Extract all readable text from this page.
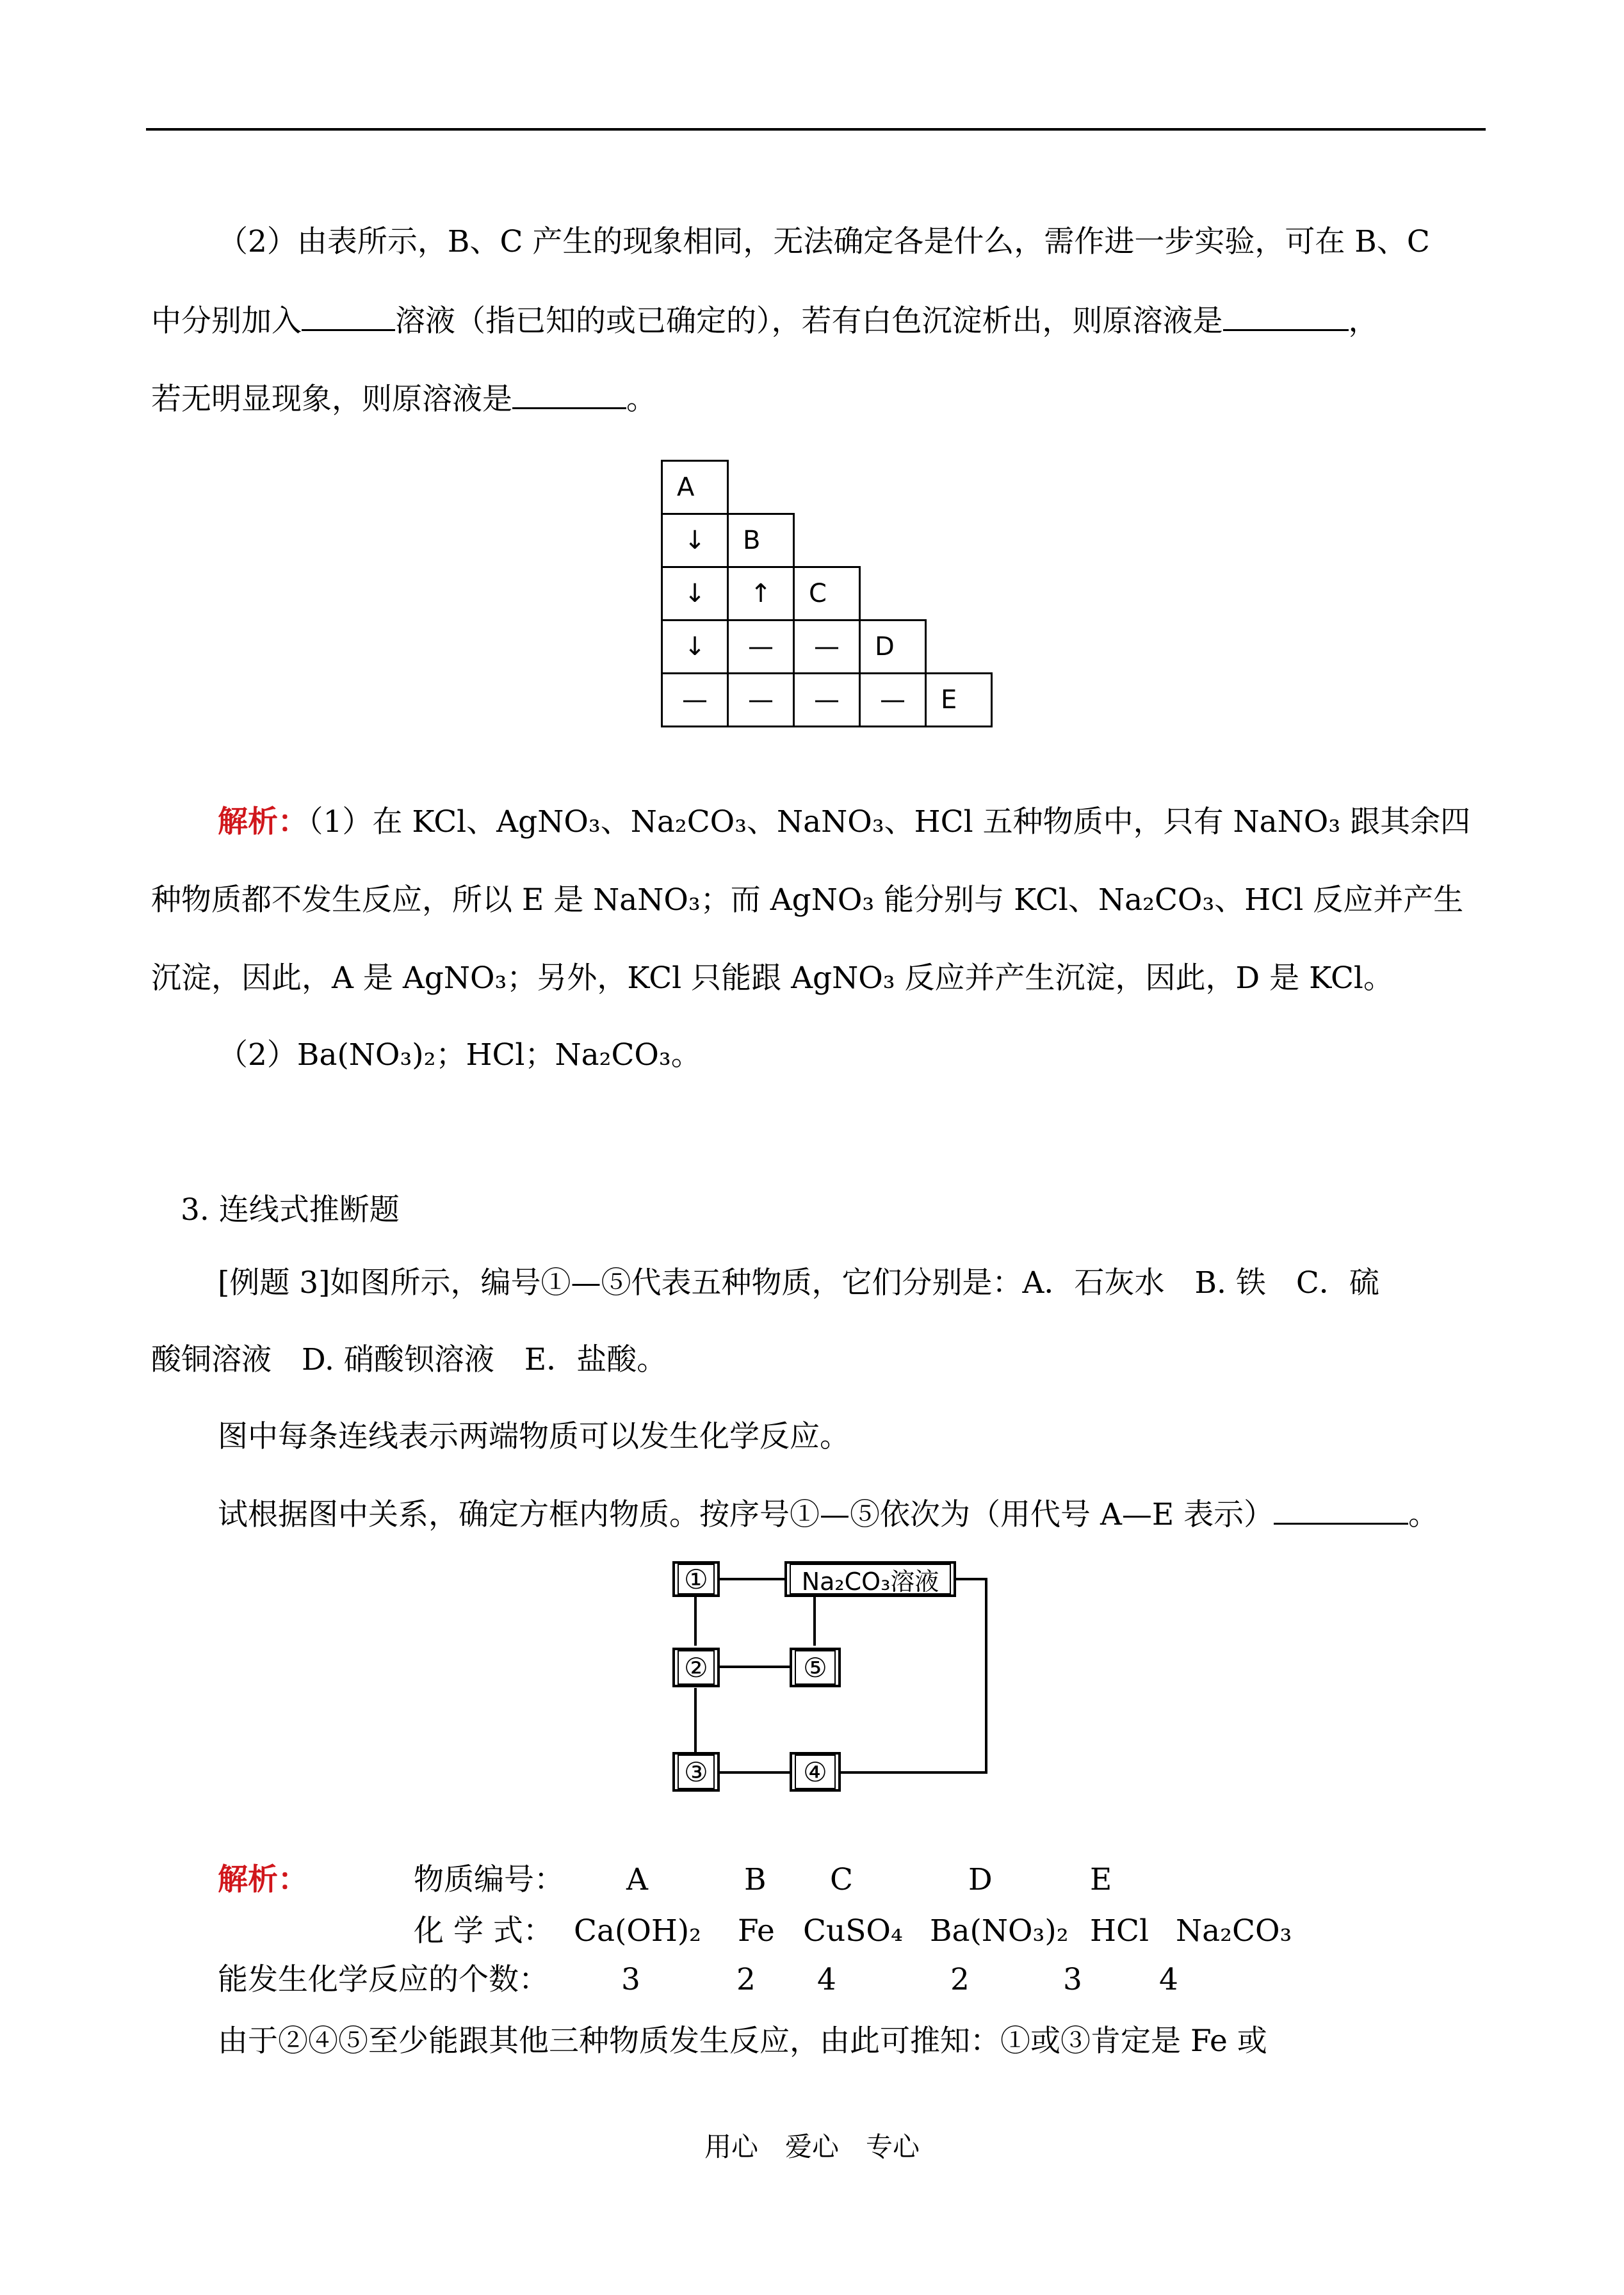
（2）由表所示，B、C 产生的现象相同，无法确定各是什么，需作进一步实验，可在 B、C
中分别加入	溶液（指已知的或已确定的），若有白色沉淀析出，则原溶液是	，
若无明显现象，则原溶液是	。
A
↓	B
↓	↑	C
↓	—	—	D
—	—	—	—	E
解析：（1）在 KCl、AgNO₃、Na₂CO₃、NaNO₃、HCl 五种物质中，只有 NaNO₃ 跟其余四
种物质都不发生反应，所以 E 是 NaNO₃；而 AgNO₃ 能分别与 KCl、Na₂CO₃、HCl 反应并产生
沉淀，因此，A 是 AgNO₃；另外，KCl 只能跟 AgNO₃ 反应并产生沉淀，因此，D 是 KCl。
（2）Ba(NO₃)₂；HCl；Na₂CO₃。
3. 连线式推断题
[例题 3]如图所示，编号①—⑤代表五种物质，它们分别是：A．石灰水　B. 铁　C．硫
酸铜溶液　D. 硝酸钡溶液　E．盐酸。
图中每条连线表示两端物质可以发生化学反应。
试根据图中关系，确定方框内物质。按序号①—⑤依次为（用代号 A—E 表示）	。
①	Na₂CO₃溶液
②	⑤
③	④
解析：	物质编号： A	B C	D	E
化 学 式： Ca(OH)₂ Fe CuSO₄ Ba(NO₃)₂ HCl Na₂CO₃
能发生化学反应的个数： 3	2 4	2	3	4
由于②④⑤至少能跟其他三种物质发生反应，由此可推知：①或③肯定是 Fe 或
用心　爱心　专心
